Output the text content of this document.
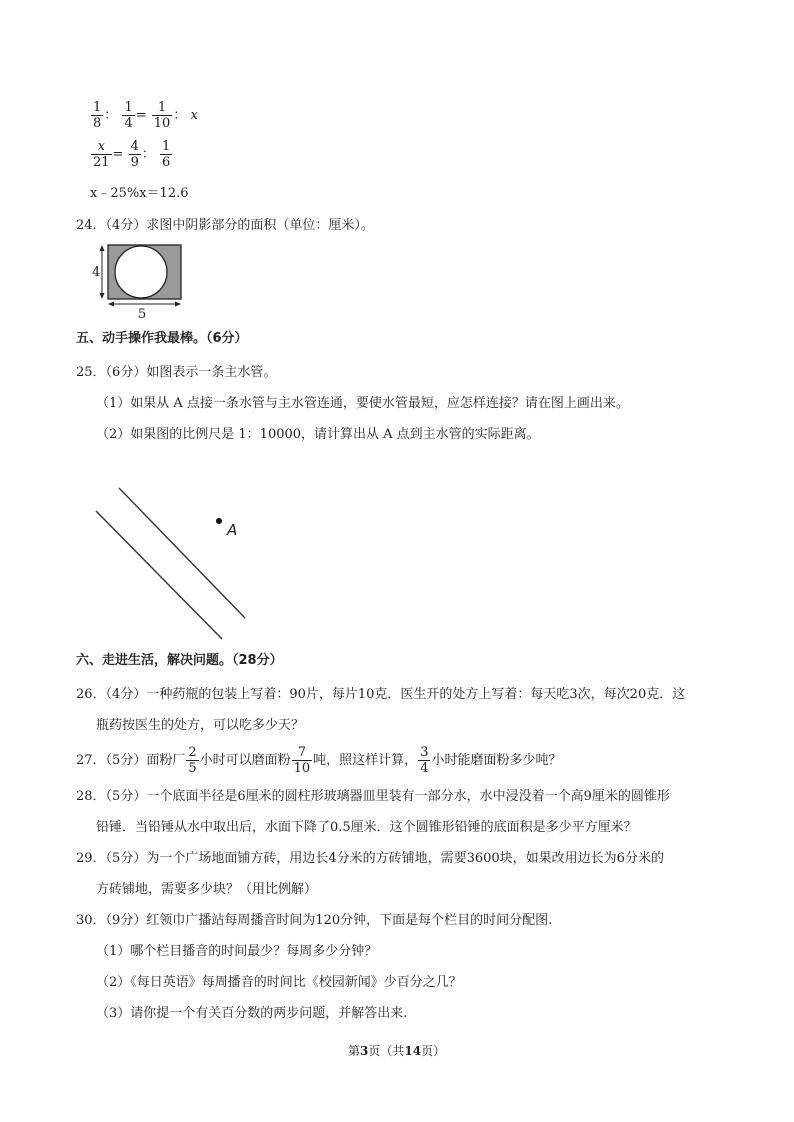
$\frac{1}{8}$ ： $\frac{1}{4} = \frac{1}{10}$ ： x
$\frac{x}{21} = \frac{4}{9}$ ： $\frac{1}{6}$
x﹣25%x＝12.6
24．（4分）求图中阴影部分的面积（单位：厘米）。
4
5
五、动手操作我最棒。（6分）
25．（6分）如图表示一条主水管。
（1）如果从 A 点接一条水管与主水管连通，要使水管最短，应怎样连接？请在图上画出来。
（2）如果图的比例尺是 1：10000，请计算出从 A 点到主水管的实际距离。
A
六、走进生活，解决问题。（28分）
26．（4分）一种药瓶的包装上写着：90片，每片10克．医生开的处方上写着：每天吃3次，每次20克．这
瓶药按医生的处方，可以吃多少天？
27．（5分）面粉厂 $\frac{2}{5}$ 小时可以磨面粉 $\frac{7}{10}$ 吨，照这样计算， $\frac{3}{4}$ 小时能磨面粉多少吨？
28．（5分）一个底面半径是6厘米的圆柱形玻璃器皿里装有一部分水，水中浸没着一个高9厘米的圆锥形
铅锤．当铅锤从水中取出后，水面下降了0.5厘米．这个圆锥形铅锤的底面积是多少平方厘米？
29．（5分）为一个广场地面铺方砖，用边长4分米的方砖铺地，需要3600块，如果改用边长为6分米的
方砖铺地，需要多少块？（用比例解）
30．（9分）红领巾广播站每周播音时间为120分钟，下面是每个栏目的时间分配图.
（1）哪个栏目播音的时间最少？每周多少分钟？
（2）《每日英语》每周播音的时间比《校园新闻》少百分之几？
（3）请你提一个有关百分数的两步问题，并解答出来.
第3页（共14页）
